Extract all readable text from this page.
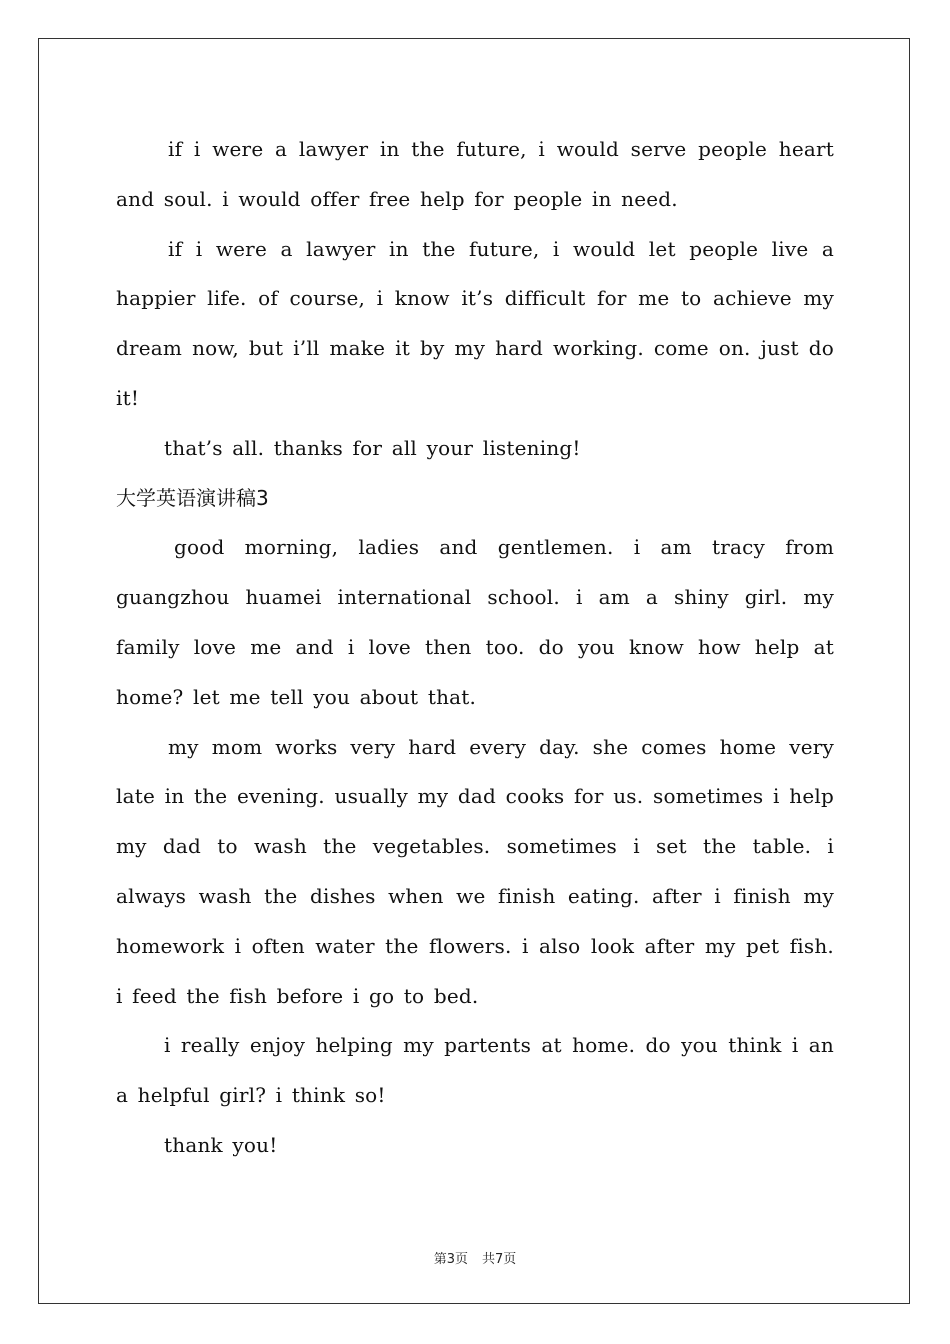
if i were a lawyer in the future, i would serve people heart and soul. i would offer free help for people in need.

if i were a lawyer in the future, i would let people live a happier life. of course, i know it’s difficult for me to achieve my dream now, but i’ll make it by my hard working. come on. just do it!

that’s all. thanks for all your listening!

大学英语演讲稿3

good morning, ladies and gentlemen. i am tracy from guangzhou huamei international school. i am a shiny girl. my family love me and i love then too. do you know how help at home? let me tell you about that.

my mom works very hard every day. she comes home very late in the evening. usually my dad cooks for us. sometimes i help my dad to wash the vegetables. sometimes i set the table. i always wash the dishes when we finish eating. after i finish my homework i often water the flowers. i also look after my pet fish. i feed the fish before i go to bed.

i really enjoy helping my partents at home. do you think i an a helpful girl? i think so!

thank you!

第3页 共7页
